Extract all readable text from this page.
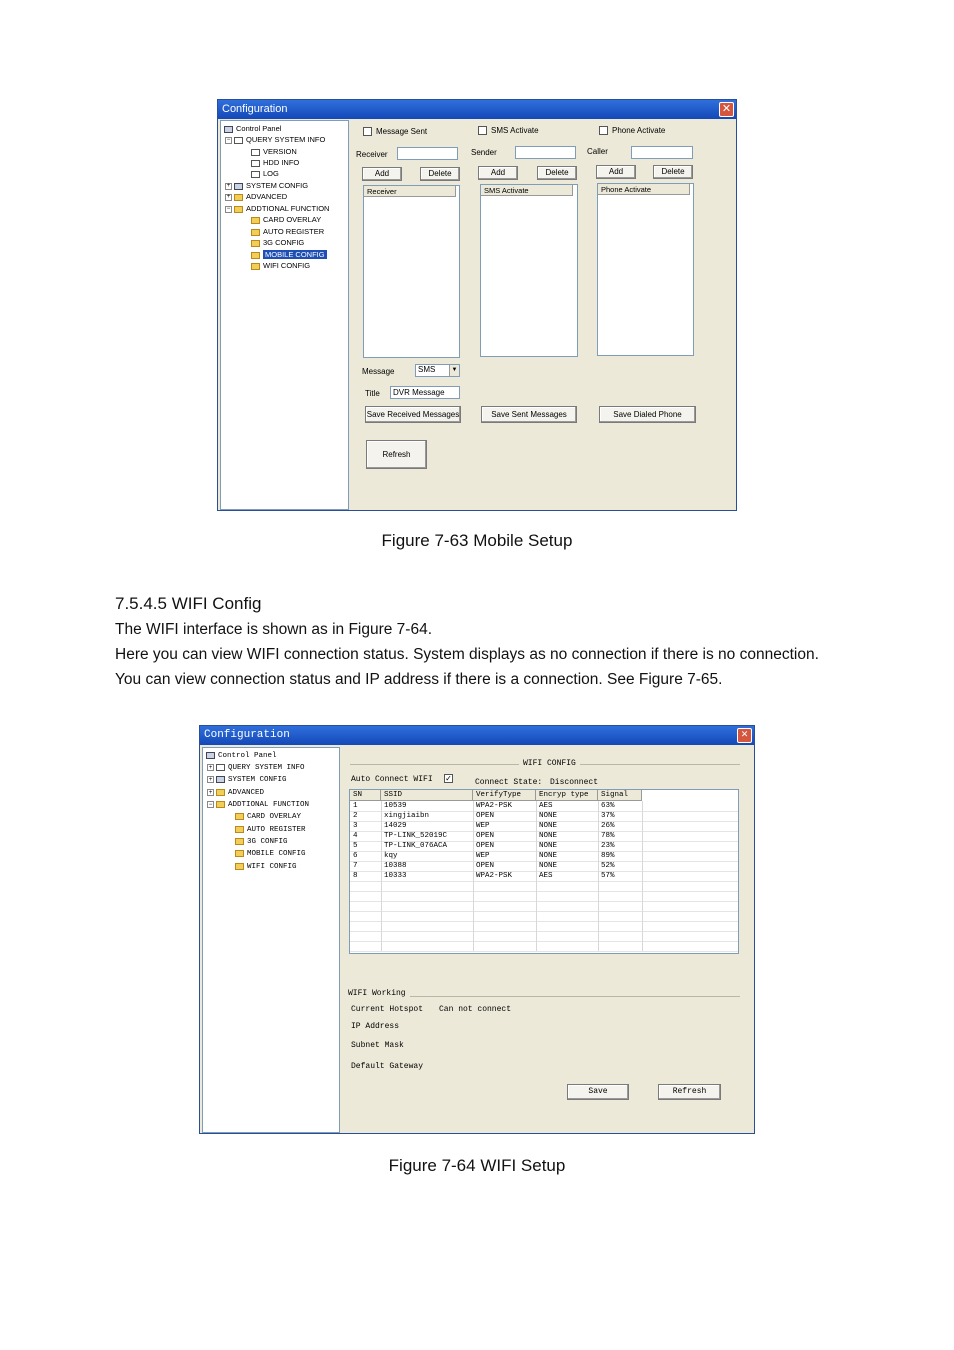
Configuration	✕
Control Panel
− QUERY SYSTEM INFO
VERSION
HDD INFO
LOG
+ SYSTEM CONFIG
+ ADVANCED
− ADDTIONAL FUNCTION
CARD OVERLAY
AUTO REGISTER
3G CONFIG
MOBILE CONFIG
WIFI CONFIG
Message Sent
Receiver
Add	Delete
Receiver
SMS Activate
Sender
Add	Delete
SMS Activate
Phone Activate
Caller
Add	Delete
Phone Activate
Message	SMS	▼
Title	DVR Message
Save Received Messages	Save Sent Messages	Save Dialed Phone
Refresh
Figure 7-63 Mobile Setup
7.5.4.5 WIFI Config
The WIFI interface is shown as in Figure 7-64.
Here you can view WIFI connection status. System displays as no connection if there is no connection. You can view connection status and IP address if there is a connection. See Figure 7-65.
Configuration	✕
Control Panel
+ QUERY SYSTEM INFO
+ SYSTEM CONFIG
+ ADVANCED
− ADDTIONAL FUNCTION
CARD OVERLAY
AUTO REGISTER
3G CONFIG
MOBILE CONFIG
WIFI CONFIG
WIFI CONFIG
Auto Connect WIFI ✓	Connect State: Disconnect
SN	SSID	VerifyType	Encryp type	Signal
1	10539	WPA2-PSK	AES	63%
2	xingjiaibn	OPEN	NONE	37%
3	14029	WEP	NONE	26%
4	TP-LINK_52019C	OPEN	NONE	78%
5	TP-LINK_076ACA	OPEN	NONE	23%
6	kqy	WEP	NONE	89%
7	10388	OPEN	NONE	52%
8	10333	WPA2-PSK	AES	57%
WIFI Working
Current Hotspot Can not connect
IP Address
Subnet Mask
Default Gateway
Save	Refresh
Figure 7-64 WIFI Setup
